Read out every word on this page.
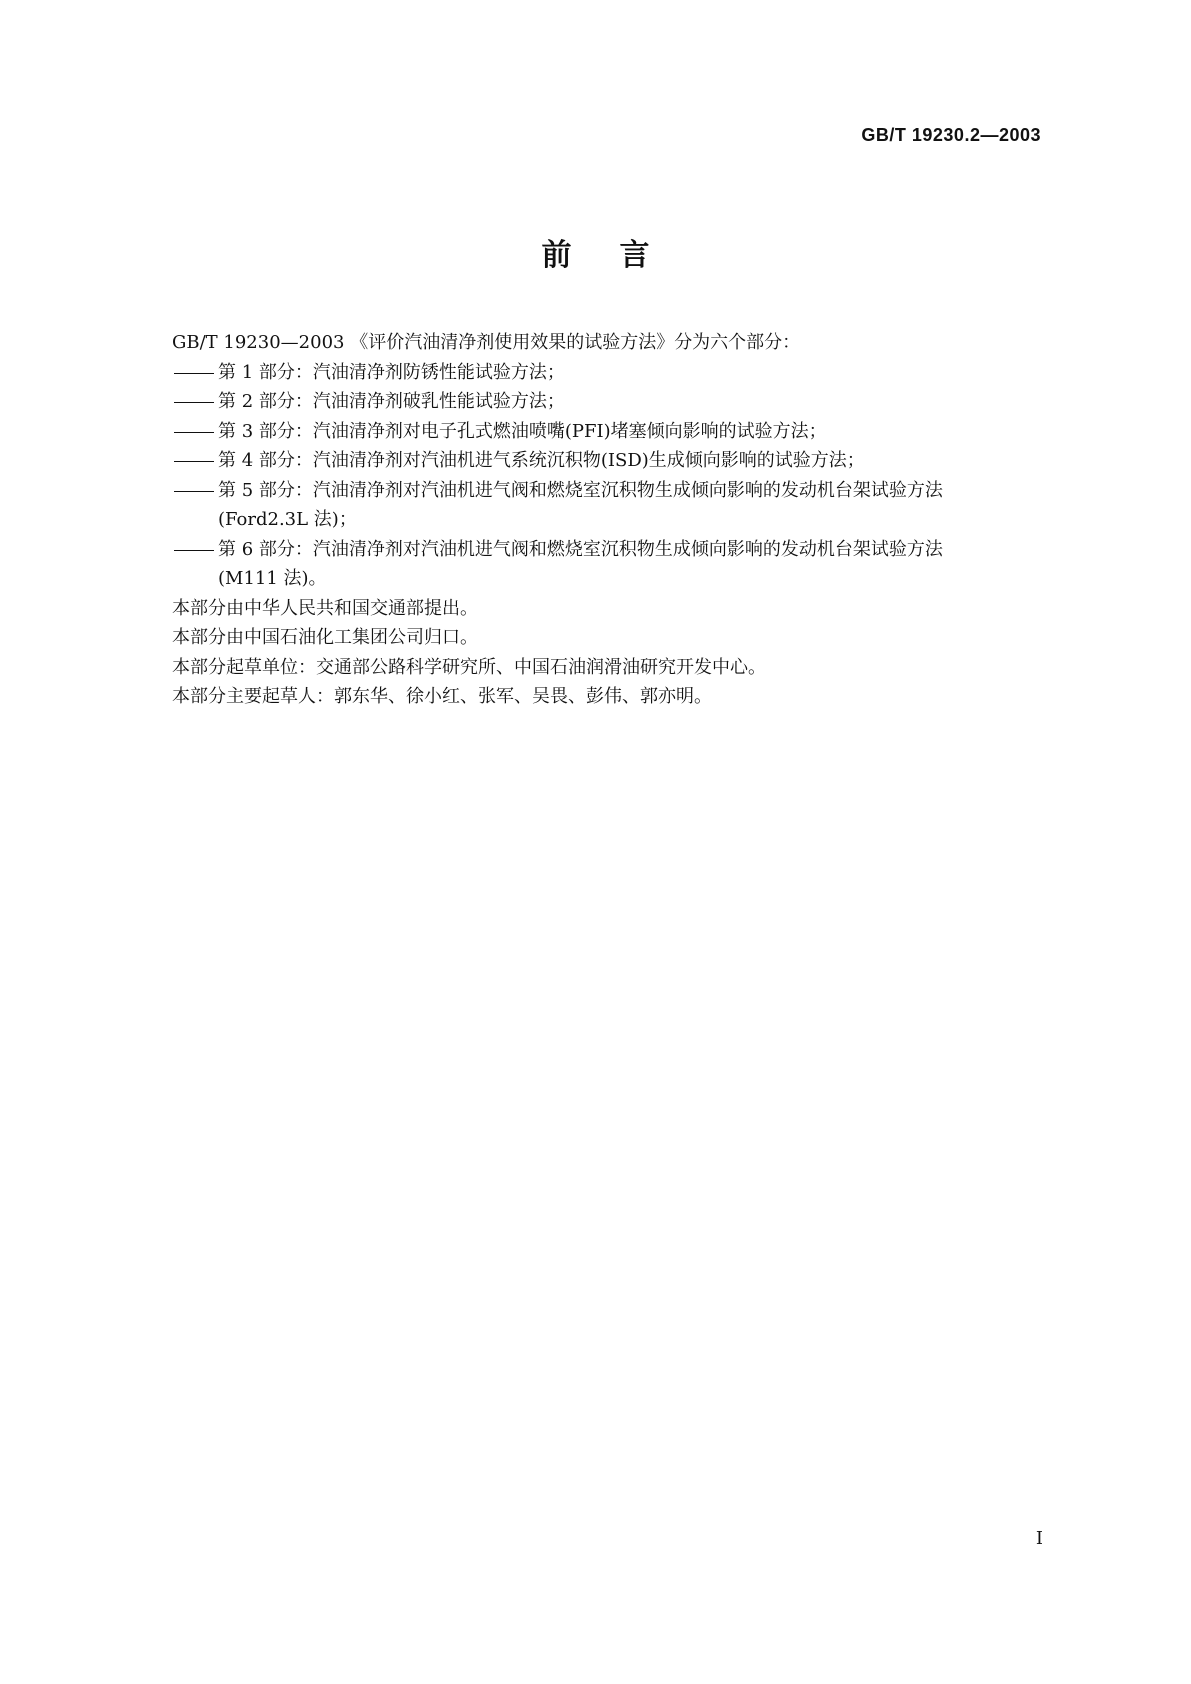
GB/T 19230.2—2003
前言
GB/T 19230—2003 《评价汽油清净剂使用效果的试验方法》分为六个部分：
第 1 部分：汽油清净剂防锈性能试验方法；
第 2 部分：汽油清净剂破乳性能试验方法；
第 3 部分：汽油清净剂对电子孔式燃油喷嘴(PFI)堵塞倾向影响的试验方法；
第 4 部分：汽油清净剂对汽油机进气系统沉积物(ISD)生成倾向影响的试验方法；
第 5 部分：汽油清净剂对汽油机进气阀和燃烧室沉积物生成倾向影响的发动机台架试验方法
(Ford2.3L 法)；
第 6 部分：汽油清净剂对汽油机进气阀和燃烧室沉积物生成倾向影响的发动机台架试验方法
(M111 法)。
本部分由中华人民共和国交通部提出。
本部分由中国石油化工集团公司归口。
本部分起草单位：交通部公路科学研究所、中国石油润滑油研究开发中心。
本部分主要起草人：郭东华、徐小红、张军、吴畏、彭伟、郭亦明。
I
